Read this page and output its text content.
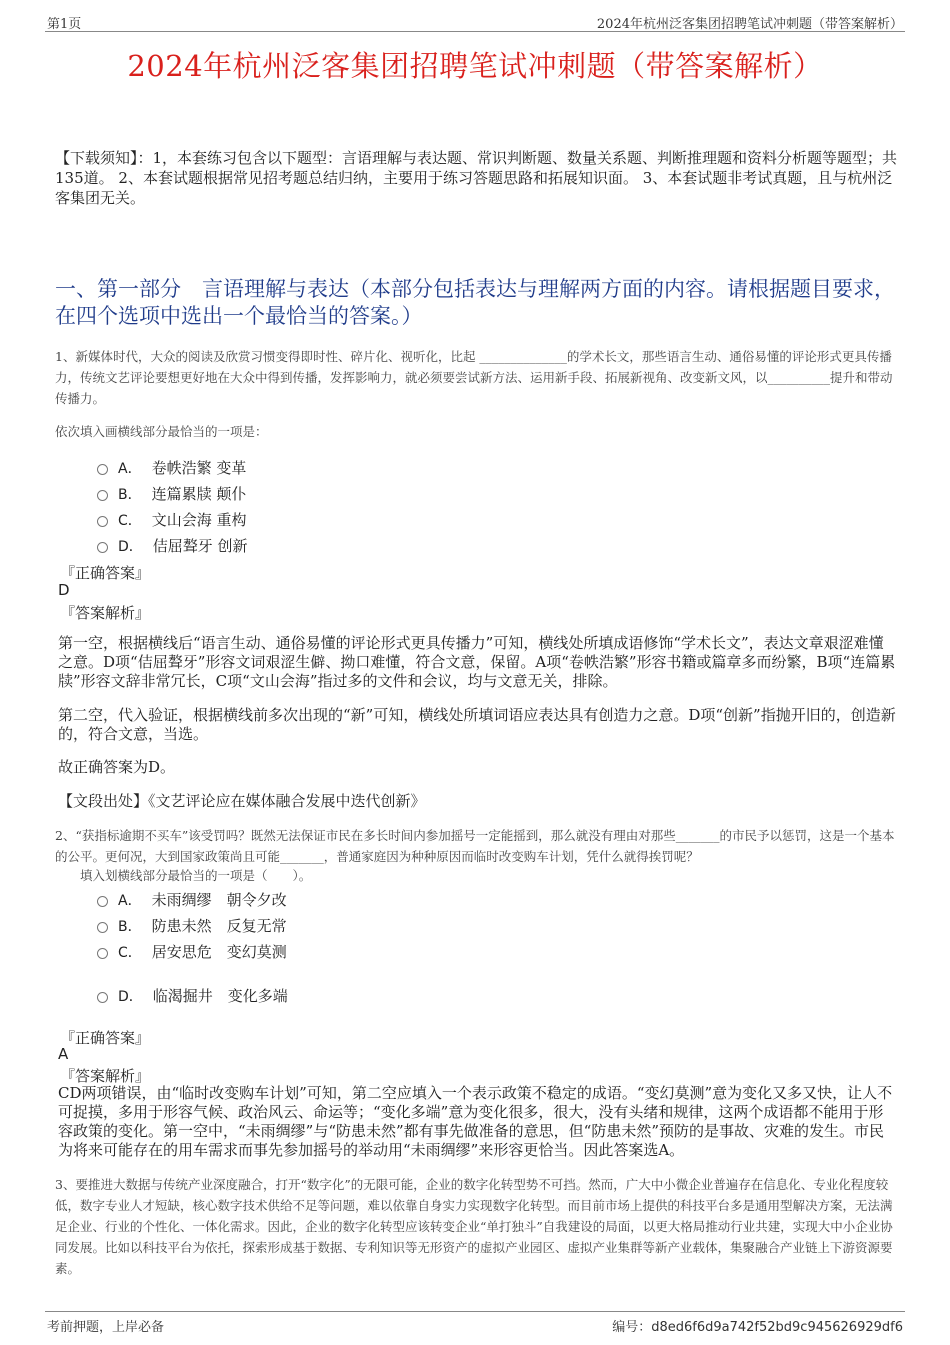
第1页	2024年杭州泛客集团招聘笔试冲刺题（带答案解析）
2024年杭州泛客集团招聘笔试冲刺题（带答案解析）
【下载须知】：1，本套练习包含以下题型：言语理解与表达题、常识判断题、数量关系题、判断推理题和资料分析题等题型；共135道。 2、本套试题根据常见招考题总结归纳，主要用于练习答题思路和拓展知识面。 3、本套试题非考试真题，且与杭州泛客集团无关。
一、第一部分　言语理解与表达（本部分包括表达与理解两方面的内容。请根据题目要求，在四个选项中选出一个最恰当的答案。）
1、新媒体时代，大众的阅读及欣赏习惯变得即时性、碎片化、视听化，比起 ______________的学术长文，那些语言生动、通俗易懂的评论形式更具传播力，传统文艺评论要想更好地在大众中得到传播，发挥影响力，就必须要尝试新方法、运用新手段、拓展新视角、改变新文风，以__________提升和带动传播力。
依次填入画横线部分最恰当的一项是：
A． 卷帙浩繁 变革
B． 连篇累牍 颠仆
C． 文山会海 重构
D． 佶屈聱牙 创新
『正确答案』
D
『答案解析』
第一空，根据横线后“语言生动、通俗易懂的评论形式更具传播力”可知，横线处所填成语修饰“学术长文”，表达文章艰涩难懂之意。D项“佶屈聱牙”形容文词艰涩生僻、拗口难懂，符合文意，保留。A项“卷帙浩繁”形容书籍或篇章多而纷繁，B项“连篇累牍”形容文辞非常冗长，C项“文山会海”指过多的文件和会议，均与文意无关，排除。
第二空，代入验证，根据横线前多次出现的“新”可知，横线处所填词语应表达具有创造力之意。D项“创新”指抛开旧的，创造新的，符合文意，当选。
故正确答案为D。
【文段出处】《文艺评论应在媒体融合发展中迭代创新》
2、“获指标逾期不买车”该受罚吗？既然无法保证市民在多长时间内参加摇号一定能摇到，那么就没有理由对那些_______的市民予以惩罚，这是一个基本的公平。更何况，大到国家政策尚且可能_______，普通家庭因为种种原因而临时改变购车计划，凭什么就得挨罚呢？
填入划横线部分最恰当的一项是（　　）。
A． 未雨绸缪　朝令夕改
B． 防患未然　反复无常
C． 居安思危　变幻莫测
D． 临渴掘井　变化多端
『正确答案』
A
『答案解析』
CD两项错误，由“临时改变购车计划”可知，第二空应填入一个表示政策不稳定的成语。“变幻莫测”意为变化又多又快，让人不可捉摸，多用于形容气候、政治风云、命运等；“变化多端”意为变化很多，很大，没有头绪和规律，这两个成语都不能用于形容政策的变化。第一空中，“未雨绸缪”与“防患未然”都有事先做准备的意思，但“防患未然”预防的是事故、灾难的发生。市民为将来可能存在的用车需求而事先参加摇号的举动用“未雨绸缪”来形容更恰当。因此答案选A。
3、要推进大数据与传统产业深度融合，打开“数字化”的无限可能，企业的数字化转型势不可挡。然而，广大中小微企业普遍存在信息化、专业化程度较低，数字专业人才短缺，核心数字技术供给不足等问题，难以依靠自身实力实现数字化转型。而目前市场上提供的科技平台多是通用型解决方案，无法满足企业、行业的个性化、一体化需求。因此，企业的数字化转型应该转变企业“单打独斗”自我建设的局面，以更大格局推动行业共建，实现大中小企业协同发展。比如以科技平台为依托，探索形成基于数据、专利知识等无形资产的虚拟产业园区、虚拟产业集群等新产业载体，集聚融合产业链上下游资源要素。
考前押题，上岸必备	编号：d8ed6f6d9a742f52bd9c945626929df6
